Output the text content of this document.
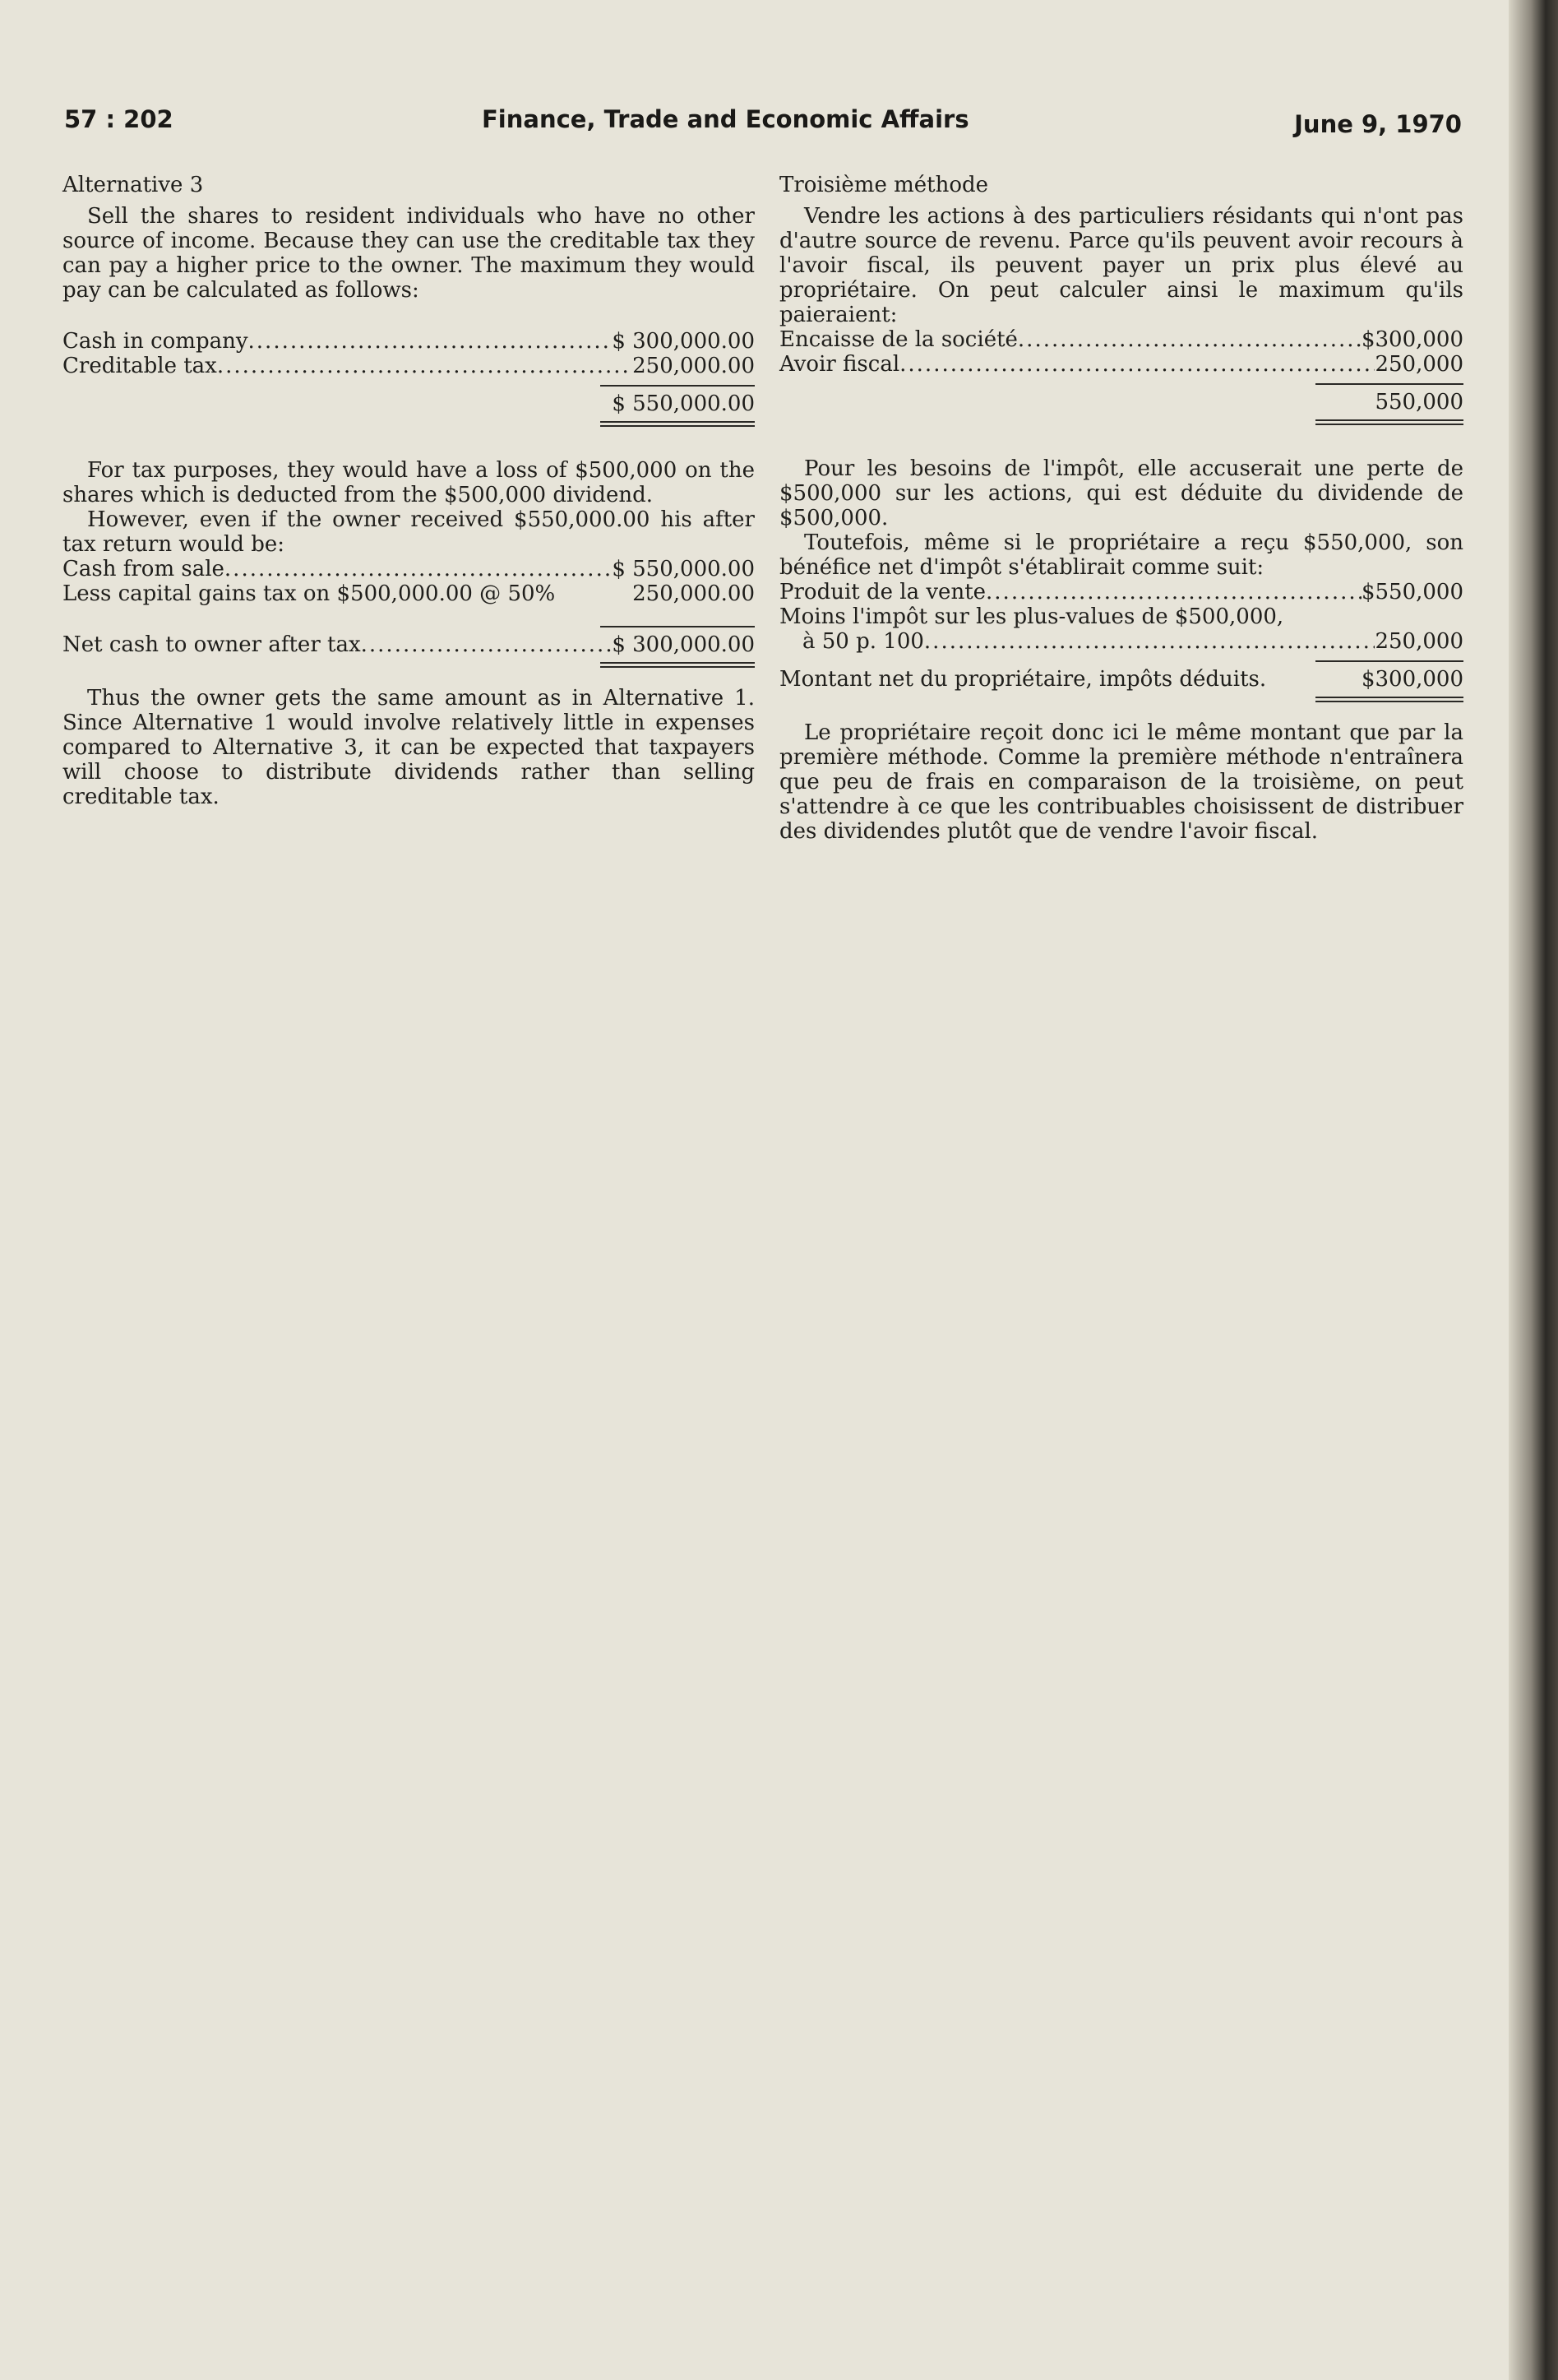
57 : 202	Finance, Trade and Economic Affairs	June 9, 1970
Alternative 3

Sell the shares to resident individuals who have no other source of income. Because they can use the creditable tax they can pay a higher price to the owner. The maximum they would pay can be calculated as follows:

Cash in company .....	$ 300,000.00
Creditable tax .....	250,000.00
$ 550,000.00

For tax purposes, they would have a loss of $500,000 on the shares which is deducted from the $500,000 dividend.

However, even if the owner received $550,000.00 his after tax return would be:

Cash from sale .....	$ 550,000.00
Less capital gains tax on $500,000.00 @ 50%	250,000.00
Net cash to owner after tax .....	$ 300,000.00

Thus the owner gets the same amount as in Alternative 1. Since Alternative 1 would involve relatively little in expenses compared to Alternative 3, it can be expected that taxpayers will choose to distribute dividends rather than selling creditable tax.

Troisième méthode

Vendre les actions à des particuliers résidants qui n'ont pas d'autre source de revenu. Parce qu'ils peuvent avoir recours à l'avoir fiscal, ils peuvent payer un prix plus élevé au propriétaire. On peut calculer ainsi le maximum qu'ils paieraient:

Encaisse de la société .....	$300,000
Avoir fiscal .....	250,000
550,000

Pour les besoins de l'impôt, elle accuserait une perte de $500,000 sur les actions, qui est déduite du dividende de $500,000.

Toutefois, même si le propriétaire a reçu $550,000, son bénéfice net d'impôt s'établirait comme suit:

Produit de la vente .....	$550,000
Moins l'impôt sur les plus-values de $500,000,
à 50 p. 100 .....	250,000
Montant net du propriétaire, impôts déduits.	$300,000

Le propriétaire reçoit donc ici le même montant que par la première méthode. Comme la première méthode n'entraînera que peu de frais en comparaison de la troisième, on peut s'attendre à ce que les contribuables choisissent de distribuer des dividendes plutôt que de vendre l'avoir fiscal.
